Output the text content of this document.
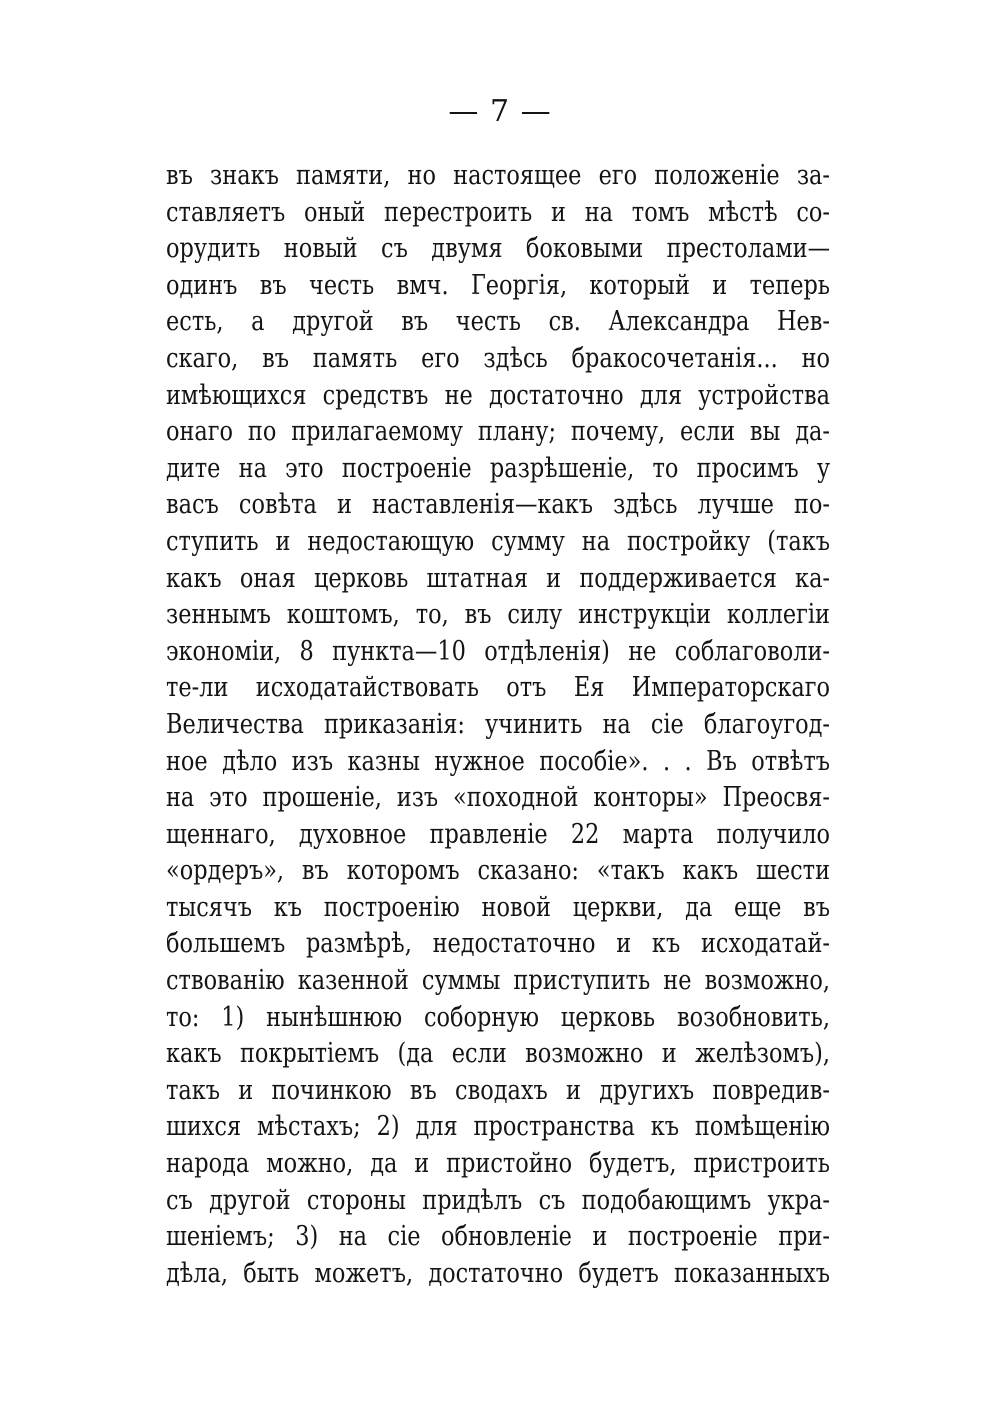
— 7 —
въ знакъ памяти, но настоящее его положеніе за-
ставляетъ оный перестроить и на томъ мѣстѣ со-
орудить новый съ двумя боковыми престолами—
одинъ въ честь вмч. Георгія, который и теперь
есть, а другой въ честь св. Александра Нев-
скаго, въ память его здѣсь бракосочетанія... но
имѣющихся средствъ не достаточно для устройства
онаго по прилагаемому плану; почему, если вы да-
дите на это построеніе разрѣшеніе, то просимъ у
васъ совѣта и наставленія—какъ здѣсь лучше по-
ступить и недостающую сумму на постройку (такъ
какъ оная церковь штатная и поддерживается ка-
зеннымъ коштомъ, то, въ силу инструкціи коллегіи
экономіи, 8 пункта—10 отдѣленія) не соблаговоли-
те-ли исходатайствовать отъ Ея Императорскаго
Величества приказанія: учинить на сіе благоугод-
ное дѣло изъ казны нужное пособіе». . . Въ отвѣтъ
на это прошеніе, изъ «походной конторы» Преосвя-
щеннаго, духовное правленіе 22 марта получило
«ордеръ», въ которомъ сказано: «такъ какъ шести
тысячъ къ построенію новой церкви, да еще въ
большемъ размѣрѣ, недостаточно и къ исходатай-
ствованію казенной суммы приступить не возможно,
то: 1) нынѣшнюю соборную церковь возобновить,
какъ покрытіемъ (да если возможно и желѣзомъ),
такъ и починкою въ сводахъ и другихъ повредив-
шихся мѣстахъ; 2) для пространства къ помѣщенію
народа можно, да и пристойно будетъ, пристроить
съ другой стороны придѣлъ съ подобающимъ укра-
шеніемъ; 3) на сіе обновленіе и построеніе при-
дѣла, быть можетъ, достаточно будетъ показанныхъ
